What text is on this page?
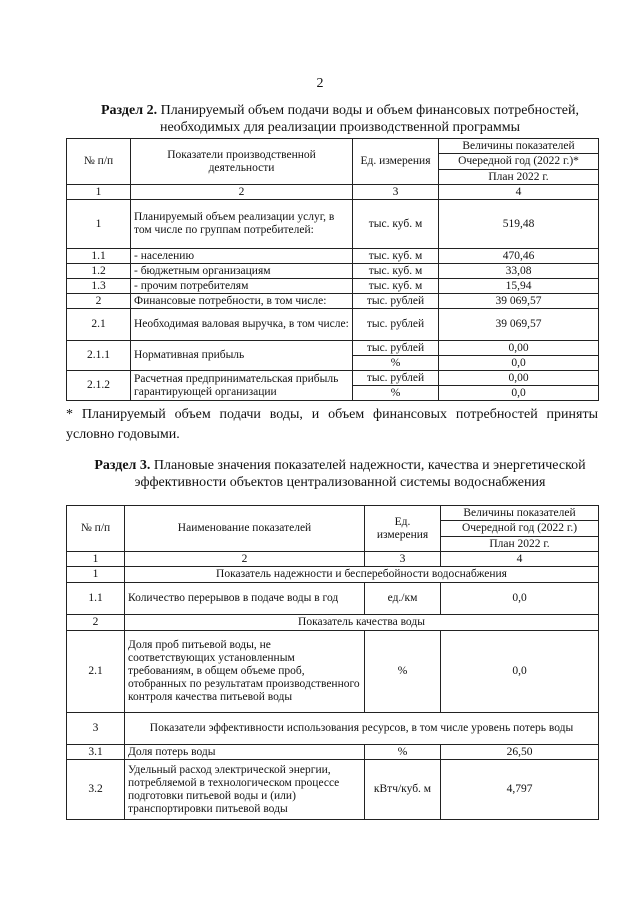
2
Раздел 2. Планируемый объем подачи воды и объем финансовых потребностей, необходимых для реализации производственной программы
№ п/п	Показатели производственной деятельности	Ед. измерения	Величины показателей
			Очередной год (2022 г.)*
			План 2022 г.
1	2	3	4
1	Планируемый объем реализации услуг, в том числе по группам потребителей:	тыс. куб. м	519,48
1.1	- населению	тыс. куб. м	470,46
1.2	- бюджетным организациям	тыс. куб. м	33,08
1.3	- прочим потребителям	тыс. куб. м	15,94
2	Финансовые потребности, в том числе:	тыс. рублей	39 069,57
2.1	Необходимая валовая выручка, в том числе:	тыс. рублей	39 069,57
2.1.1	Нормативная прибыль	тыс. рублей	0,00
		%	0,0
2.1.2	Расчетная предпринимательская прибыль гарантирующей организации	тыс. рублей	0,00
		%	0,0
* Планируемый объем подачи воды, и объем финансовых потребностей приняты условно годовыми.
Раздел 3. Плановые значения показателей надежности, качества и энергетической эффективности объектов централизованной системы водоснабжения
№ п/п	Наименование показателей	Ед. измерения	Величины показателей
			Очередной год (2022 г.)
			План 2022 г.
1	2	3	4
1	Показатель надежности и бесперебойности водоснабжения		
1.1	Количество перерывов в подаче воды в год	ед./км	0,0
2	Показатель качества воды		
2.1	Доля проб питьевой воды, не соответствующих установленным требованиям, в общем объеме проб, отобранных по результатам производственного контроля качества питьевой воды	%	0,0
3	Показатели эффективности использования ресурсов, в том числе уровень потерь воды		
3.1	Доля потерь воды	%	26,50
3.2	Удельный расход электрической энергии, потребляемой в технологическом процессе подготовки питьевой воды и (или) транспортировки питьевой воды	кВтч/куб. м	4,797
